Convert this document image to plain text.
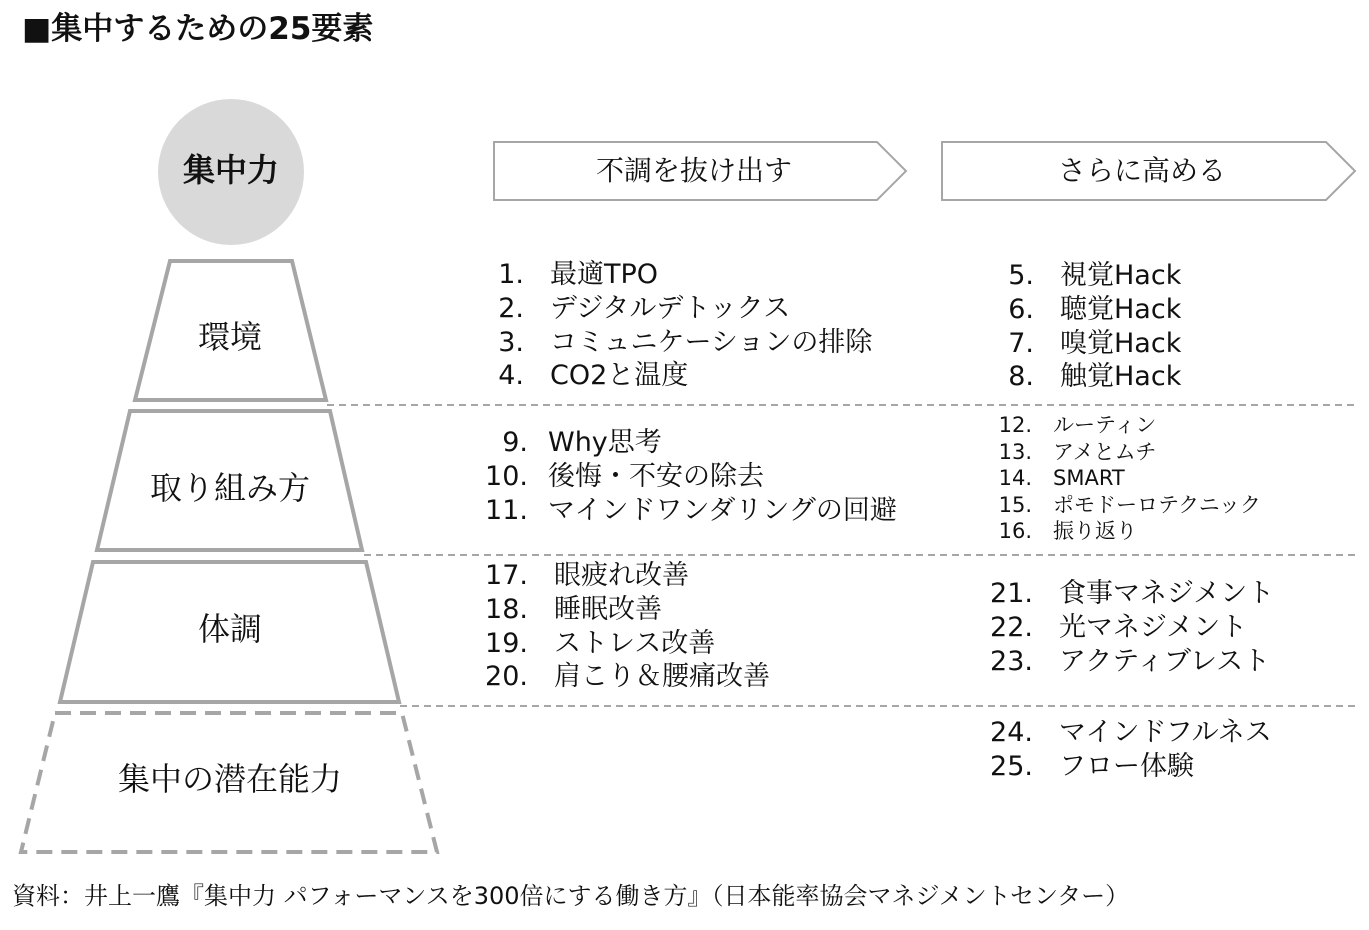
■集中するための25要素
集中力
環境
取り組み方
体調
集中の潜在能力
不調を抜け出す	さらに高める
1. 最適TPO
2. デジタルデトックス
3. コミュニケーションの排除
4. CO2と温度
5. 視覚Hack
6. 聴覚Hack
7. 嗅覚Hack
8. 触覚Hack
9. Why思考
10. 後悔・不安の除去
11. マインドワンダリングの回避
12. ルーティン
13. アメとムチ
14. SMART
15. ポモドーロテクニック
16. 振り返り
17. 眼疲れ改善
18. 睡眠改善
19. ストレス改善
20. 肩こり＆腰痛改善
21. 食事マネジメント
22. 光マネジメント
23. アクティブレスト
24. マインドフルネス
25. フロー体験
資料：井上一鷹『集中力 パフォーマンスを300倍にする働き方』（日本能率協会マネジメントセンター）
